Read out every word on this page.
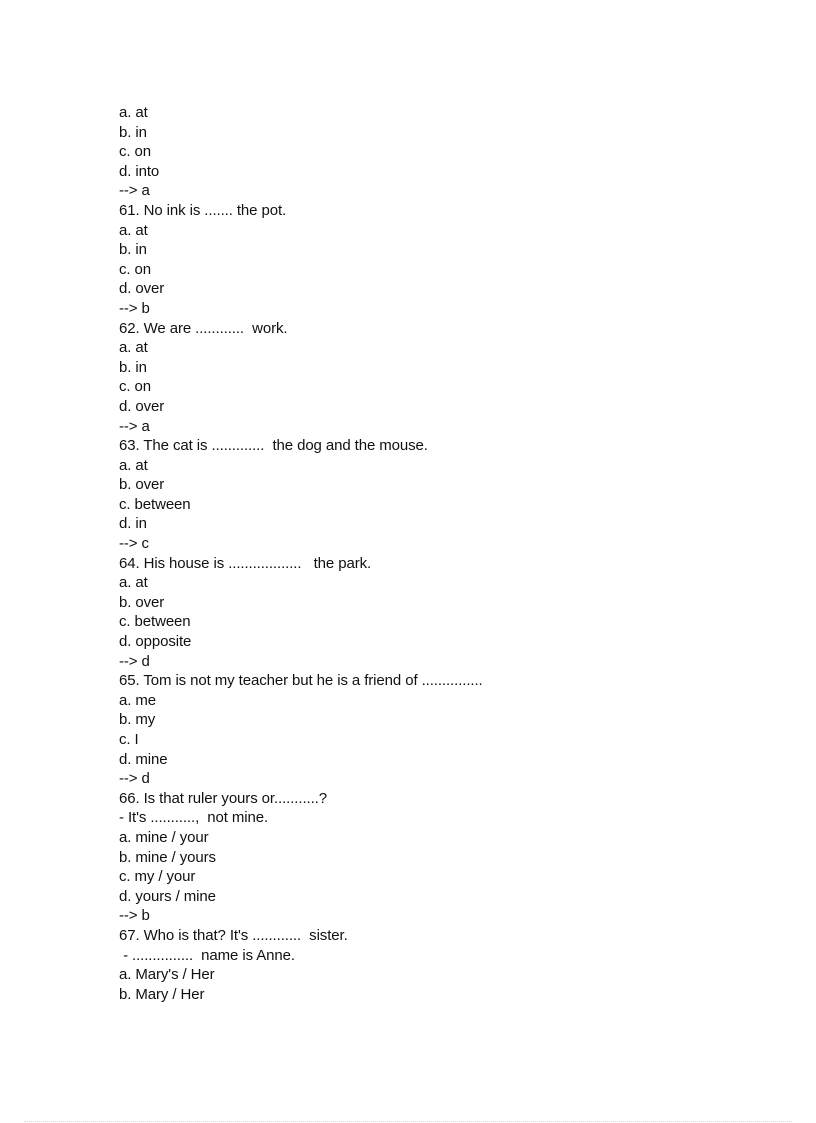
a. at
b. in
c. on
d. into
--> a
61. No ink is ....... the pot.
a. at
b. in
c. on
d. over
--> b
62. We are ............  work.
a. at
b. in
c. on
d. over
--> a
63. The cat is .............  the dog and the mouse.
a. at
b. over
c. between
d. in
--> c
64. His house is ..................   the park.
a. at
b. over
c. between
d. opposite
--> d
65. Tom is not my teacher but he is a friend of ...............
a. me
b. my
c. I
d. mine
--> d
66. Is that ruler yours or...........?
- It's ...........,  not mine.
a. mine / your
b. mine / yours
c. my / your
d. yours / mine
--> b
67. Who is that? It's ............  sister.
- ...............  name is Anne.
a. Mary's / Her
b. Mary / Her
